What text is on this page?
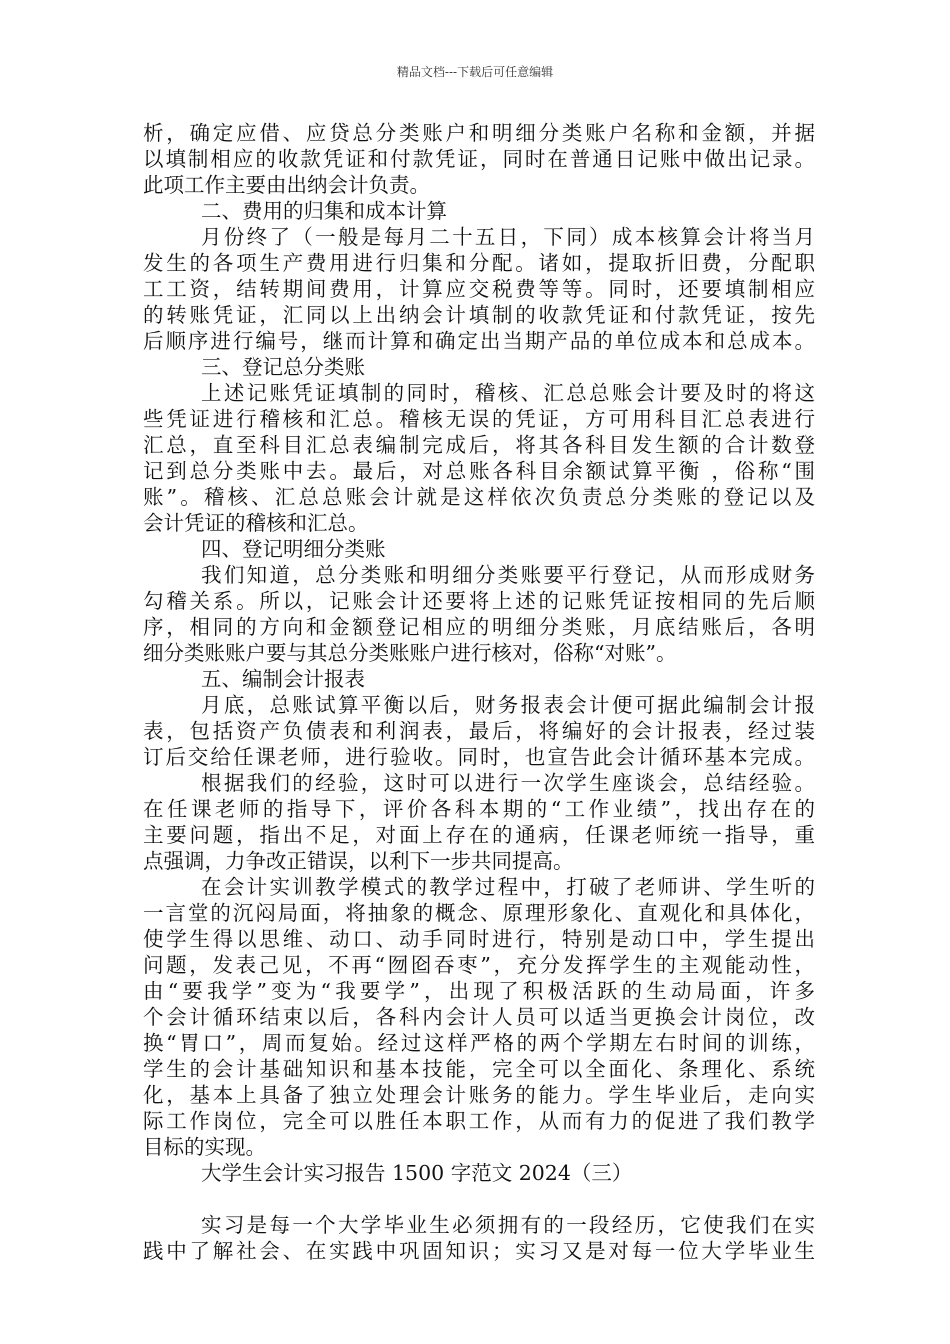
精品文档---下载后可任意编辑
析，确定应借、应贷总分类账户和明细分类账户名称和金额，并据
以填制相应的收款凭证和付款凭证，同时在普通日记账中做出记录。
此项工作主要由出纳会计负责。
二、费用的归集和成本计算
月份终了（一般是每月二十五日，下同）成本核算会计将当月
发生的各项生产费用进行归集和分配。诸如，提取折旧费，分配职
工工资，结转期间费用，计算应交税费等等。同时，还要填制相应
的转账凭证，汇同以上出纳会计填制的收款凭证和付款凭证，按先
后顺序进行编号，继而计算和确定出当期产品的单位成本和总成本。
三、登记总分类账
上述记账凭证填制的同时，稽核、汇总总账会计要及时的将这
些凭证进行稽核和汇总。稽核无误的凭证，方可用科目汇总表进行
汇总，直至科目汇总表编制完成后，将其各科目发生额的合计数登
记到总分类账中去。最后，对总账各科目余额试算平衡 ，俗称“围
账”。稽核、汇总总账会计就是这样依次负责总分类账的登记以及
会计凭证的稽核和汇总。
四、登记明细分类账
我们知道，总分类账和明细分类账要平行登记，从而形成财务
勾稽关系。所以，记账会计还要将上述的记账凭证按相同的先后顺
序，相同的方向和金额登记相应的明细分类账，月底结账后，各明
细分类账账户要与其总分类账账户进行核对，俗称“对账”。
五、编制会计报表
月底，总账试算平衡以后，财务报表会计便可据此编制会计报
表，包括资产负债表和利润表，最后，将编好的会计报表，经过装
订后交给任课老师，进行验收。同时，也宣告此会计循环基本完成。
根据我们的经验，这时可以进行一次学生座谈会，总结经验。
在任课老师的指导下，评价各科本期的“工作业绩”，找出存在的
主要问题，指出不足，对面上存在的通病，任课老师统一指导，重
点强调，力争改正错误，以利下一步共同提高。
在会计实训教学模式的教学过程中，打破了老师讲、学生听的
一言堂的沉闷局面，将抽象的概念、原理形象化、直观化和具体化，
使学生得以思维、动口、动手同时进行，特别是动口中，学生提出
问题，发表己见，不再“囫囵吞枣”，充分发挥学生的主观能动性，
由“要我学”变为“我要学”，出现了积极活跃的生动局面，许多
个会计循环结束以后，各科内会计人员可以适当更换会计岗位，改
换“胃口”，周而复始。经过这样严格的两个学期左右时间的训练，
学生的会计基础知识和基本技能，完全可以全面化、条理化、系统
化，基本上具备了独立处理会计账务的能力。学生毕业后，走向实
际工作岗位，完全可以胜任本职工作，从而有力的促进了我们教学
目标的实现。
大学生会计实习报告 1500 字范文 2024（三）
实习是每一个大学毕业生必须拥有的一段经历，它使我们在实
践中了解社会、在实践中巩固知识；实习又是对每一位大学毕业生
